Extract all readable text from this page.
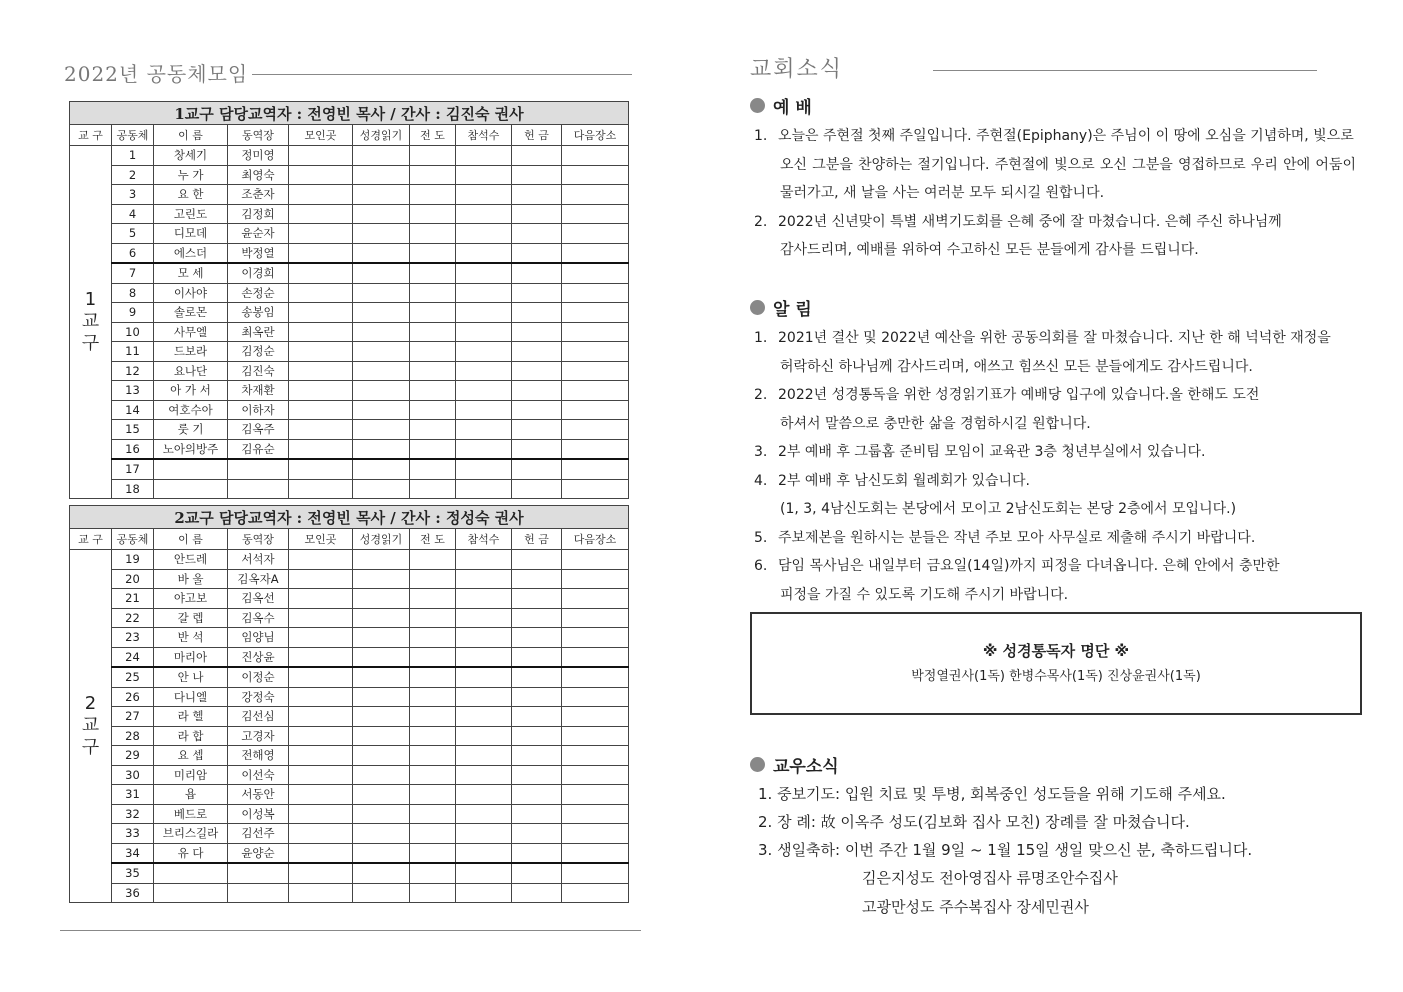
2022년 공동체모임
1교구 담당교역자 : 전영빈 목사 / 간사 : 김진숙 권사									
교 구	공동체	이 름	동역장	모인곳	성경읽기	전 도	참석수	헌 금	다음장소
1
교
구	1	창세기	정미영						
	2	누 가	최영숙						
	3	요 한	조춘자						
	4	고린도	김정희						
	5	디모데	윤순자						
	6	에스더	박정열						
	7	모 세	이경희						
	8	이사야	손정순						
	9	솔로몬	송봉임						
	10	사무엘	최옥란						
	11	드보라	김정순						
	12	요나단	김진숙						
	13	아 가 서	차재환						
	14	여호수아	이하자						
	15	룻 기	김옥주						
	16	노아의방주	김유순						
	17								
	18								
2교구 담당교역자 : 전영빈 목사 / 간사 : 정성숙 권사									
교 구	공동체	이 름	동역장	모인곳	성경읽기	전 도	참석수	헌 금	다음장소
2
교
구	19	안드레	서석자						
	20	바 울	김옥자A						
	21	야고보	김옥선						
	22	갈 렙	김옥수						
	23	반 석	임양님						
	24	마리아	진상윤						
	25	안 나	이정순						
	26	다니엘	강정숙						
	27	라 헬	김선심						
	28	라 합	고경자						
	29	요 셉	전해영						
	30	미리암	이선숙						
	31	욥	서동안						
	32	베드로	이성복						
	33	브리스길라	김선주						
	34	유 다	윤양순						
	35								
	36								
교회소식
예 배
1. 오늘은 주현절 첫째 주일입니다. 주현절(Epiphany)은 주님이 이 땅에 오심을 기념하며, 빛으로
오신 그분을 찬양하는 절기입니다. 주현절에 빛으로 오신 그분을 영접하므로 우리 안에 어둠이 물러가고, 새 날을 사는 여러분 모두 되시길 원합니다.
2. 2022년 신년맞이 특별 새벽기도회를 은혜 중에 잘 마쳤습니다. 은혜 주신 하나님께
감사드리며, 예배를 위하여 수고하신 모든 분들에게 감사를 드립니다.
알 림
1. 2021년 결산 및 2022년 예산을 위한 공동의회를 잘 마쳤습니다. 지난 한 해 넉넉한 재정을
허락하신 하나님께 감사드리며, 애쓰고 힘쓰신 모든 분들에게도 감사드립니다.
2. 2022년 성경통독을 위한 성경읽기표가 예배당 입구에 있습니다.올 한해도 도전
하셔서 말씀으로 충만한 삶을 경험하시길 원합니다.
3. 2부 예배 후 그룹홈 준비팀 모임이 교육관 3층 청년부실에서 있습니다.
4. 2부 예배 후 남신도회 월례회가 있습니다.
(1, 3, 4남신도회는 본당에서 모이고 2남신도회는 본당 2층에서 모입니다.)
5. 주보제본을 원하시는 분들은 작년 주보 모아 사무실로 제출해 주시기 바랍니다.
6. 담임 목사님은 내일부터 금요일(14일)까지 피정을 다녀옵니다. 은혜 안에서 충만한
피정을 가질 수 있도록 기도해 주시기 바랍니다.
※ 성경통독자 명단 ※
박정열권사(1독) 한병수목사(1독) 진상윤권사(1독)
교우소식
1. 중보기도: 입원 치료 및 투병, 회복중인 성도들을 위해 기도해 주세요.
2. 장 례: 故 이옥주 성도(김보화 집사 모친) 장례를 잘 마쳤습니다.
3. 생일축하: 이번 주간 1월 9일 ~ 1월 15일 생일 맞으신 분, 축하드립니다.
김은지성도 전아영집사 류명조안수집사
고광만성도 주수복집사 장세민권사
